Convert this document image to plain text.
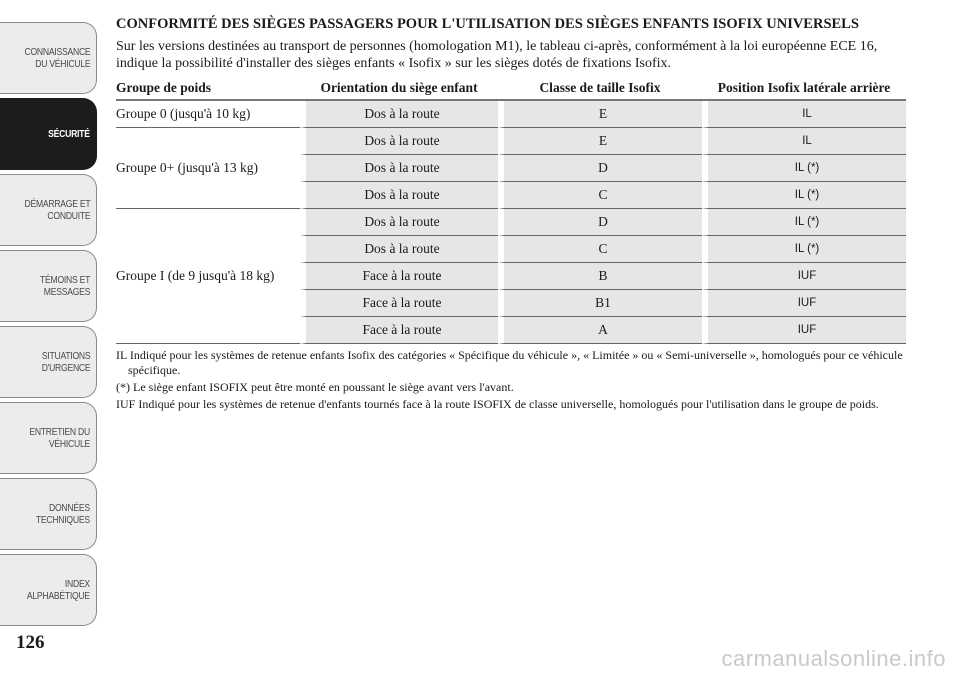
CONNAISSANCE
DU VÉHICULE
SÉCURITÉ
DÉMARRAGE ET
CONDUITE
TÉMOINS ET
MESSAGES
SITUATIONS
D'URGENCE
ENTRETIEN DU
VÉHICULE
DONNÉES
TECHNIQUES
INDEX
ALPHABÉTIQUE
126
carmanualsonline.info
CONFORMITÉ DES SIÈGES PASSAGERS POUR L'UTILISATION DES SIÈGES ENFANTS ISOFIX UNIVERSELS

Sur les versions destinées au transport de personnes (homologation M1), le tableau ci-après, conformément à la loi européenne ECE 16, indique la possibilité d'installer des sièges enfants « Isofix » sur les sièges dotés de fixations Isofix.

Groupe de poids	Orientation du siège enfant	Classe de taille Isofix	Position Isofix latérale arrière
Groupe 0 (jusqu'à 10 kg)	Dos à la route	E	IL
Groupe 0+ (jusqu'à 13 kg)	Dos à la route	E	IL
	Dos à la route	D	IL (*)
	Dos à la route	C	IL (*)
Groupe I (de 9 jusqu'à 18 kg)	Dos à la route	D	IL (*)
	Dos à la route	C	IL (*)
	Face à la route	B	IUF
	Face à la route	B1	IUF
	Face à la route	A	IUF

IL Indiqué pour les systèmes de retenue enfants Isofix des catégories « Spécifique du véhicule », « Limitée » ou « Semi-universelle », homologués pour ce véhicule spécifique.

(*) Le siège enfant ISOFIX peut être monté en poussant le siège avant vers l'avant.

IUF Indiqué pour les systèmes de retenue d'enfants tournés face à la route ISOFIX de classe universelle, homologués pour l'utilisation dans le groupe de poids.
